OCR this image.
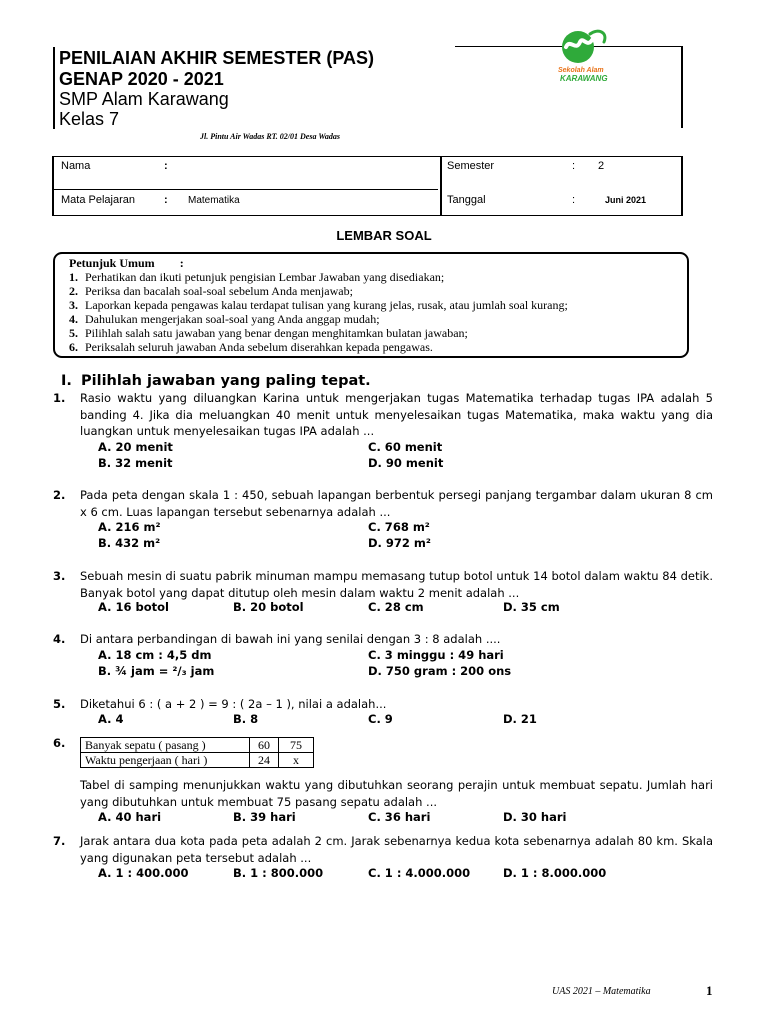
PENILAIAN AKHIR SEMESTER (PAS)
GENAP 2020 - 2021
SMP Alam Karawang
Kelas 7
Sekolah Alam
KARAWANG
Jl. Pintu Air Wadas RT. 02/01 Desa Wadas
Nama	:	Semester	: 2
Mata Pelajaran	: Matematika	Tanggal	:	Juni 2021
LEMBAR SOAL
Petunjuk Umum :
1. Perhatikan dan ikuti petunjuk pengisian Lembar Jawaban yang disediakan;
2. Periksa dan bacalah soal-soal sebelum Anda menjawab;
3. Laporkan kepada pengawas kalau terdapat tulisan yang kurang jelas, rusak, atau jumlah soal kurang;
4. Dahulukan mengerjakan soal-soal yang Anda anggap mudah;
5. Pilihlah salah satu jawaban yang benar dengan menghitamkan bulatan jawaban;
6. Periksalah seluruh jawaban Anda sebelum diserahkan kepada pengawas.
I. Pilihlah jawaban yang paling tepat.
1. Rasio waktu yang diluangkan Karina untuk mengerjakan tugas Matematika terhadap tugas IPA adalah 5 banding 4. Jika dia meluangkan 40 menit untuk menyelesaikan tugas Matematika, maka waktu yang dia luangkan untuk menyelesaikan tugas IPA adalah ...
A. 20 menit	C. 60 menit
B. 32 menit	D. 90 menit
2. Pada peta dengan skala 1 : 450, sebuah lapangan berbentuk persegi panjang tergambar dalam ukuran 8 cm x 6 cm. Luas lapangan tersebut sebenarnya adalah ...
A. 216 m²	C. 768 m²
B. 432 m²	D. 972 m²
3. Sebuah mesin di suatu pabrik minuman mampu memasang tutup botol untuk 14 botol dalam waktu 84 detik. Banyak botol yang dapat ditutup oleh mesin dalam waktu 2 menit adalah ...
A. 16 botol	B. 20 botol	C. 28 cm	D. 35 cm
4. Di antara perbandingan di bawah ini yang senilai dengan 3 : 8 adalah ....
A. 18 cm : 4,5 dm	C. 3 minggu : 49 hari
B. ¾ jam = ²/₃ jam	D. 750 gram : 200 ons
5. Diketahui 6 : ( a + 2 ) = 9 : ( 2a – 1 ), nilai a adalah...
A. 4	B. 8	C. 9	D. 21
6. Banyak sepatu ( pasang )	60	75
Waktu pengerjaan ( hari )	24	x
Tabel di samping menunjukkan waktu yang dibutuhkan seorang perajin untuk membuat sepatu. Jumlah hari yang dibutuhkan untuk membuat 75 pasang sepatu adalah ...
A. 40 hari	B. 39 hari	C. 36 hari	D. 30 hari
7. Jarak antara dua kota pada peta adalah 2 cm. Jarak sebenarnya kedua kota sebenarnya adalah 80 km. Skala yang digunakan peta tersebut adalah ...
A. 1 : 400.000	B. 1 : 800.000	C. 1 : 4.000.000	D. 1 : 8.000.000
UAS 2021 – Matematika	1
